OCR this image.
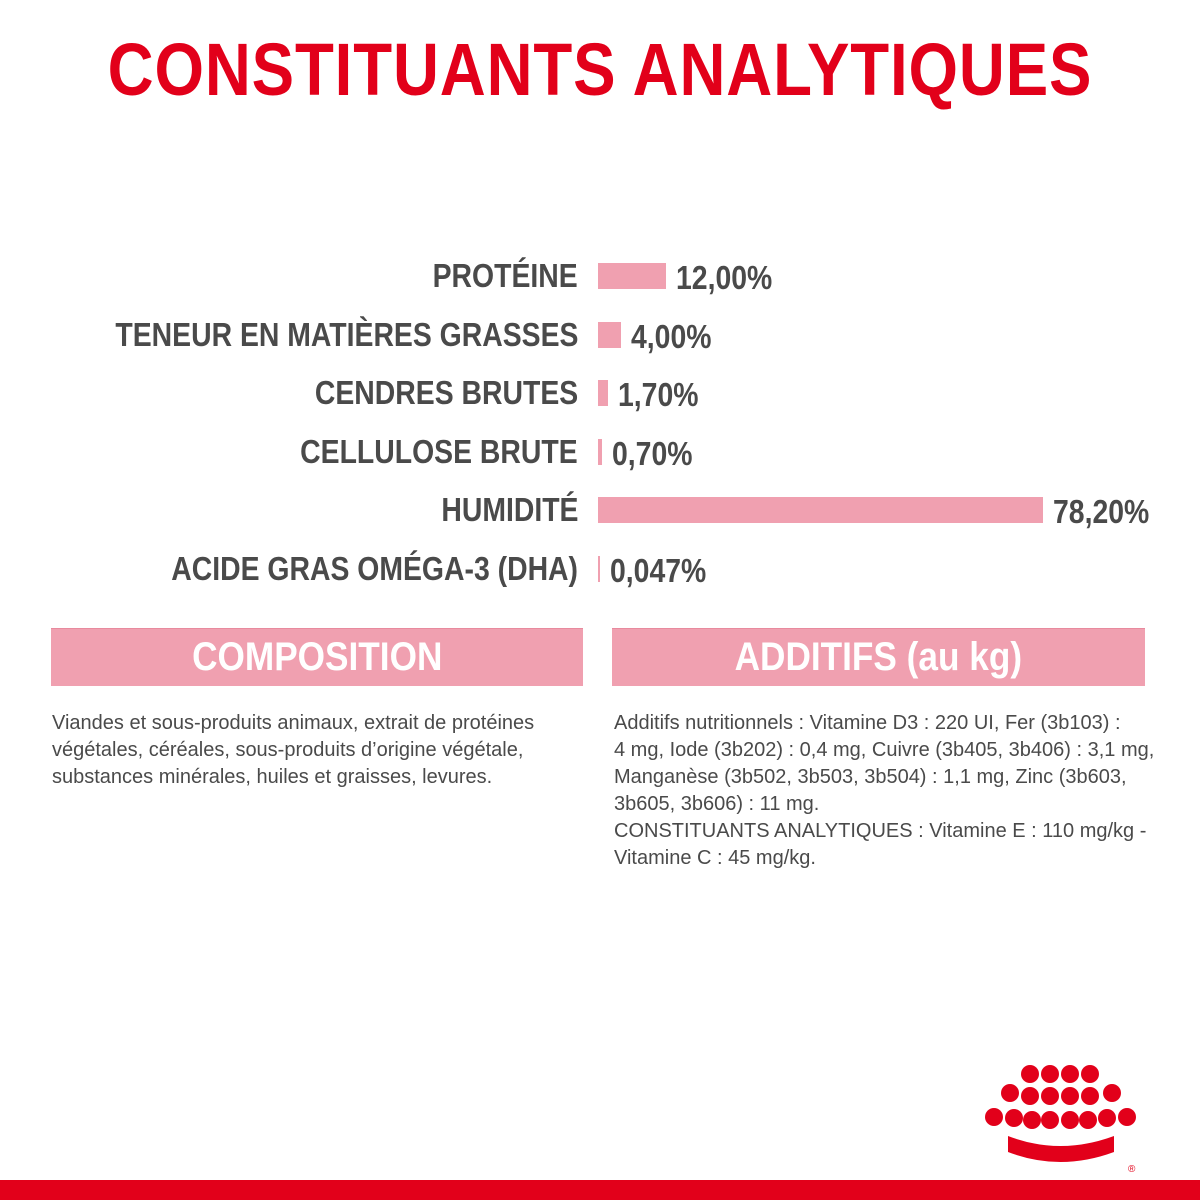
CONSTITUANTS ANALYTIQUES
PROTÉINE	12,00%
TENEUR EN MATIÈRES GRASSES 4,00%
CENDRES BRUTES 1,70%
CELLULOSE BRUTE 0,70%
HUMIDITÉ	78,20%
ACIDE GRAS OMÉGA-3 (DHA) 0,047%
COMPOSITION
Viandes et sous-produits animaux, extrait de protéines
végétales, céréales, sous-produits d’origine végétale,
substances minérales, huiles et graisses, levures.
ADDITIFS (au kg)
Additifs nutritionnels : Vitamine D3 : 220 UI, Fer (3b103) :
4 mg, Iode (3b202) : 0,4 mg, Cuivre (3b405, 3b406) : 3,1 mg,
Manganèse (3b502, 3b503, 3b504) : 1,1 mg, Zinc (3b603,
3b605, 3b606) : 11 mg.
CONSTITUANTS ANALYTIQUES : Vitamine E : 110 mg/kg -
Vitamine C : 45 mg/kg.
®
